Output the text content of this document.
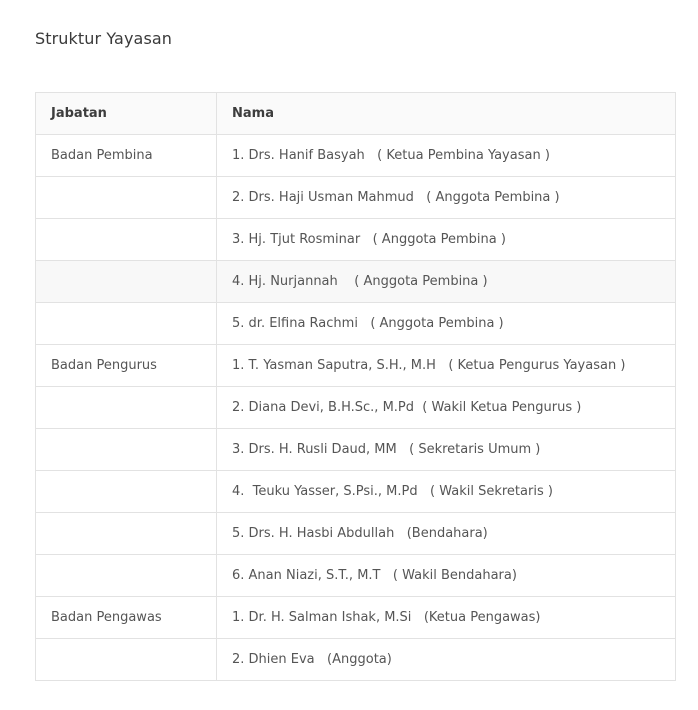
Struktur Yayasan
Jabatan	Nama
Badan Pembina	1. Drs. Hanif Basyah   ( Ketua Pembina Yayasan )
	2. Drs. Haji Usman Mahmud   ( Anggota Pembina )
	3. Hj. Tjut Rosminar   ( Anggota Pembina )
	4. Hj. Nurjannah    ( Anggota Pembina )
	5. dr. Elfina Rachmi   ( Anggota Pembina )
Badan Pengurus	1. T. Yasman Saputra, S.H., M.H   ( Ketua Pengurus Yayasan )
	2. Diana Devi, B.H.Sc., M.Pd  ( Wakil Ketua Pengurus )
	3. Drs. H. Rusli Daud, MM   ( Sekretaris Umum )
	4.  Teuku Yasser, S.Psi., M.Pd   ( Wakil Sekretaris )
	5. Drs. H. Hasbi Abdullah   (Bendahara)
	6. Anan Niazi, S.T., M.T   ( Wakil Bendahara)
Badan Pengawas	1. Dr. H. Salman Ishak, M.Si   (Ketua Pengawas)
	2. Dhien Eva   (Anggota)
